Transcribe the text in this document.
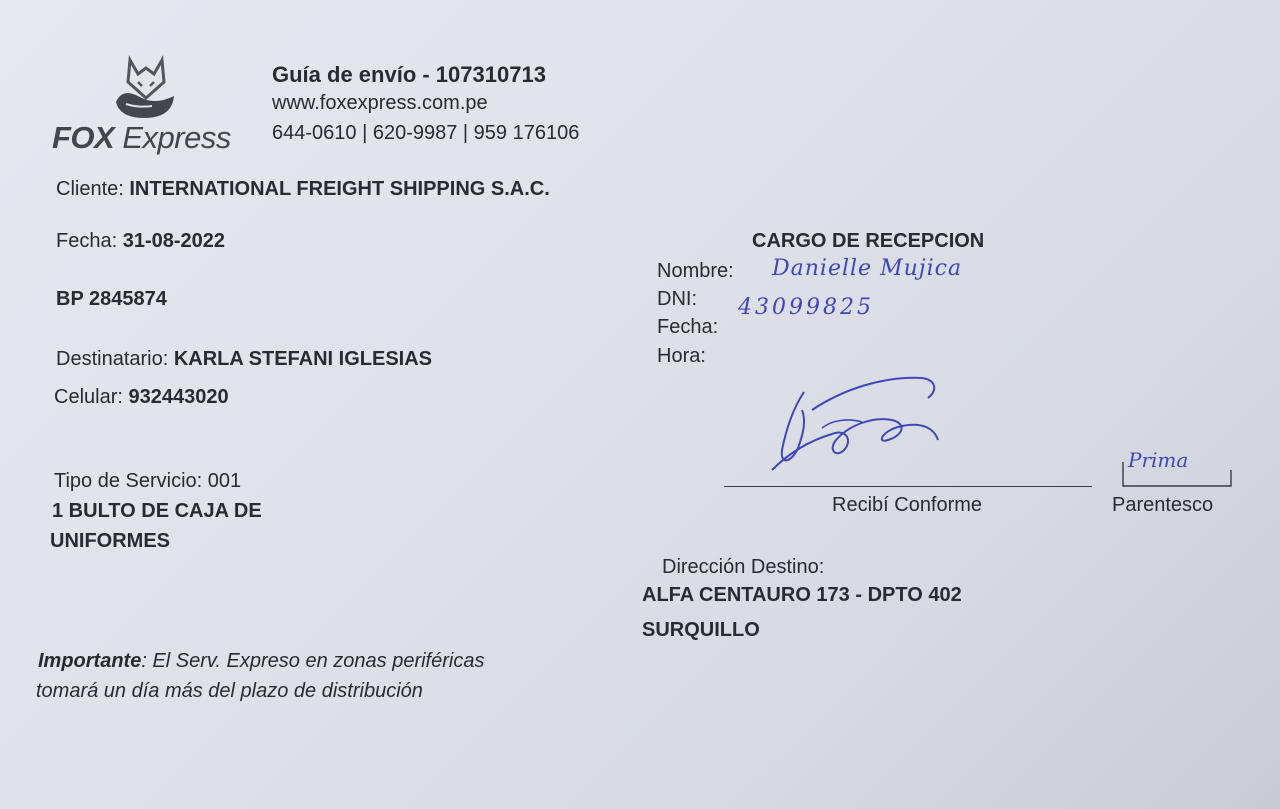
FOX Express
Guía de envío - 107310713
www.foxexpress.com.pe
644-0610 | 620-9987 | 959 176106
Cliente: INTERNATIONAL FREIGHT SHIPPING S.A.C.
Fecha: 31-08-2022
BP 2845874
Destinatario: KARLA STEFANI IGLESIAS
Celular: 932443020
Tipo de Servicio: 001
1 BULTO DE CAJA DE
UNIFORMES
Importante: El Serv. Expreso en zonas periféricas
tomará un día más del plazo de distribución
CARGO DE RECEPCION
Nombre: Danielle Mujica
DNI: 43099825
Fecha:
Hora:
Prima
Recibí Conforme	Parentesco
Dirección Destino:
ALFA CENTAURO 173 - DPTO 402
SURQUILLO
